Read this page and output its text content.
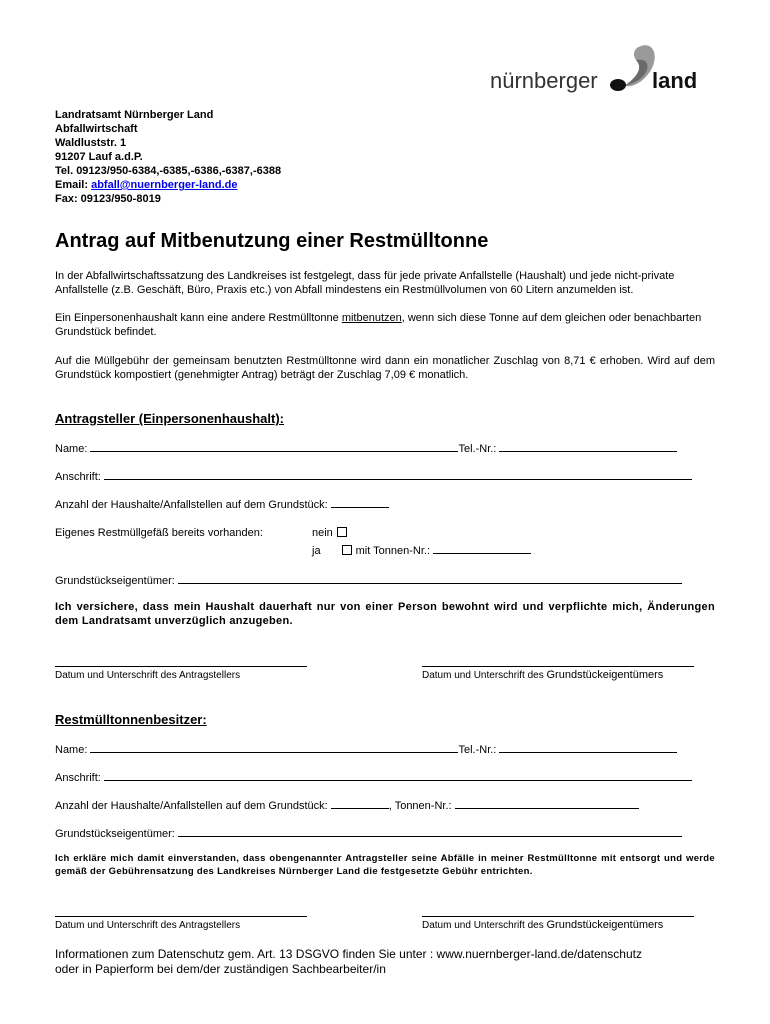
nürnberger land
Landratsamt Nürnberger Land
Abfallwirtschaft
Waldluststr. 1
91207 Lauf a.d.P.
Tel. 09123/950-6384,-6385,-6386,-6387,-6388
Email: abfall@nuernberger-land.de
Fax: 09123/950-8019
Antrag auf Mitbenutzung einer Restmülltonne
In der Abfallwirtschaftssatzung des Landkreises ist festgelegt, dass für jede private Anfallstelle (Haushalt) und jede nicht-private Anfallstelle (z.B. Geschäft, Büro, Praxis etc.) von Abfall mindestens ein Restmüllvolumen von 60 Litern anzumelden ist.
Ein Einpersonenhaushalt kann eine andere Restmülltonne mitbenutzen, wenn sich diese Tonne auf dem gleichen oder benachbarten Grundstück befindet.
Auf die Müllgebühr der gemeinsam benutzten Restmülltonne wird dann ein monatlicher Zuschlag von 8,71 € erhoben. Wird auf dem Grundstück kompostiert (genehmigter Antrag) beträgt der Zuschlag 7,09 € monatlich.
Antragsteller (Einpersonenhaushalt):
Name:	Tel.-Nr.:
Anschrift:
Anzahl der Haushalte/Anfallstellen auf dem Grundstück:
Eigenes Restmüllgefäß bereits vorhanden:	nein
ja	mit Tonnen-Nr.:
Grundstückseigentümer:
Ich versichere, dass mein Haushalt dauerhaft nur von einer Person bewohnt wird und verpflichte mich, Änderungen dem Landratsamt unverzüglich anzugeben.
Datum und Unterschrift des Antragstellers	Datum und Unterschrift des Grundstückeigentümers
Restmülltonnenbesitzer:
Name:	Tel.-Nr.:
Anschrift:
Anzahl der Haushalte/Anfallstellen auf dem Grundstück:	, Tonnen-Nr.:
Grundstückseigentümer:
Ich erkläre mich damit einverstanden, dass obengenannter Antragsteller seine Abfälle in meiner Restmülltonne mit entsorgt und werde gemäß der Gebührensatzung des Landkreises Nürnberger Land die festgesetzte Gebühr entrichten.
Datum und Unterschrift des Antragstellers	Datum und Unterschrift des Grundstückeigentümers
Informationen zum Datenschutz gem. Art. 13 DSGVO finden Sie unter : www.nuernberger-land.de/datenschutz
oder in Papierform bei dem/der zuständigen Sachbearbeiter/in
